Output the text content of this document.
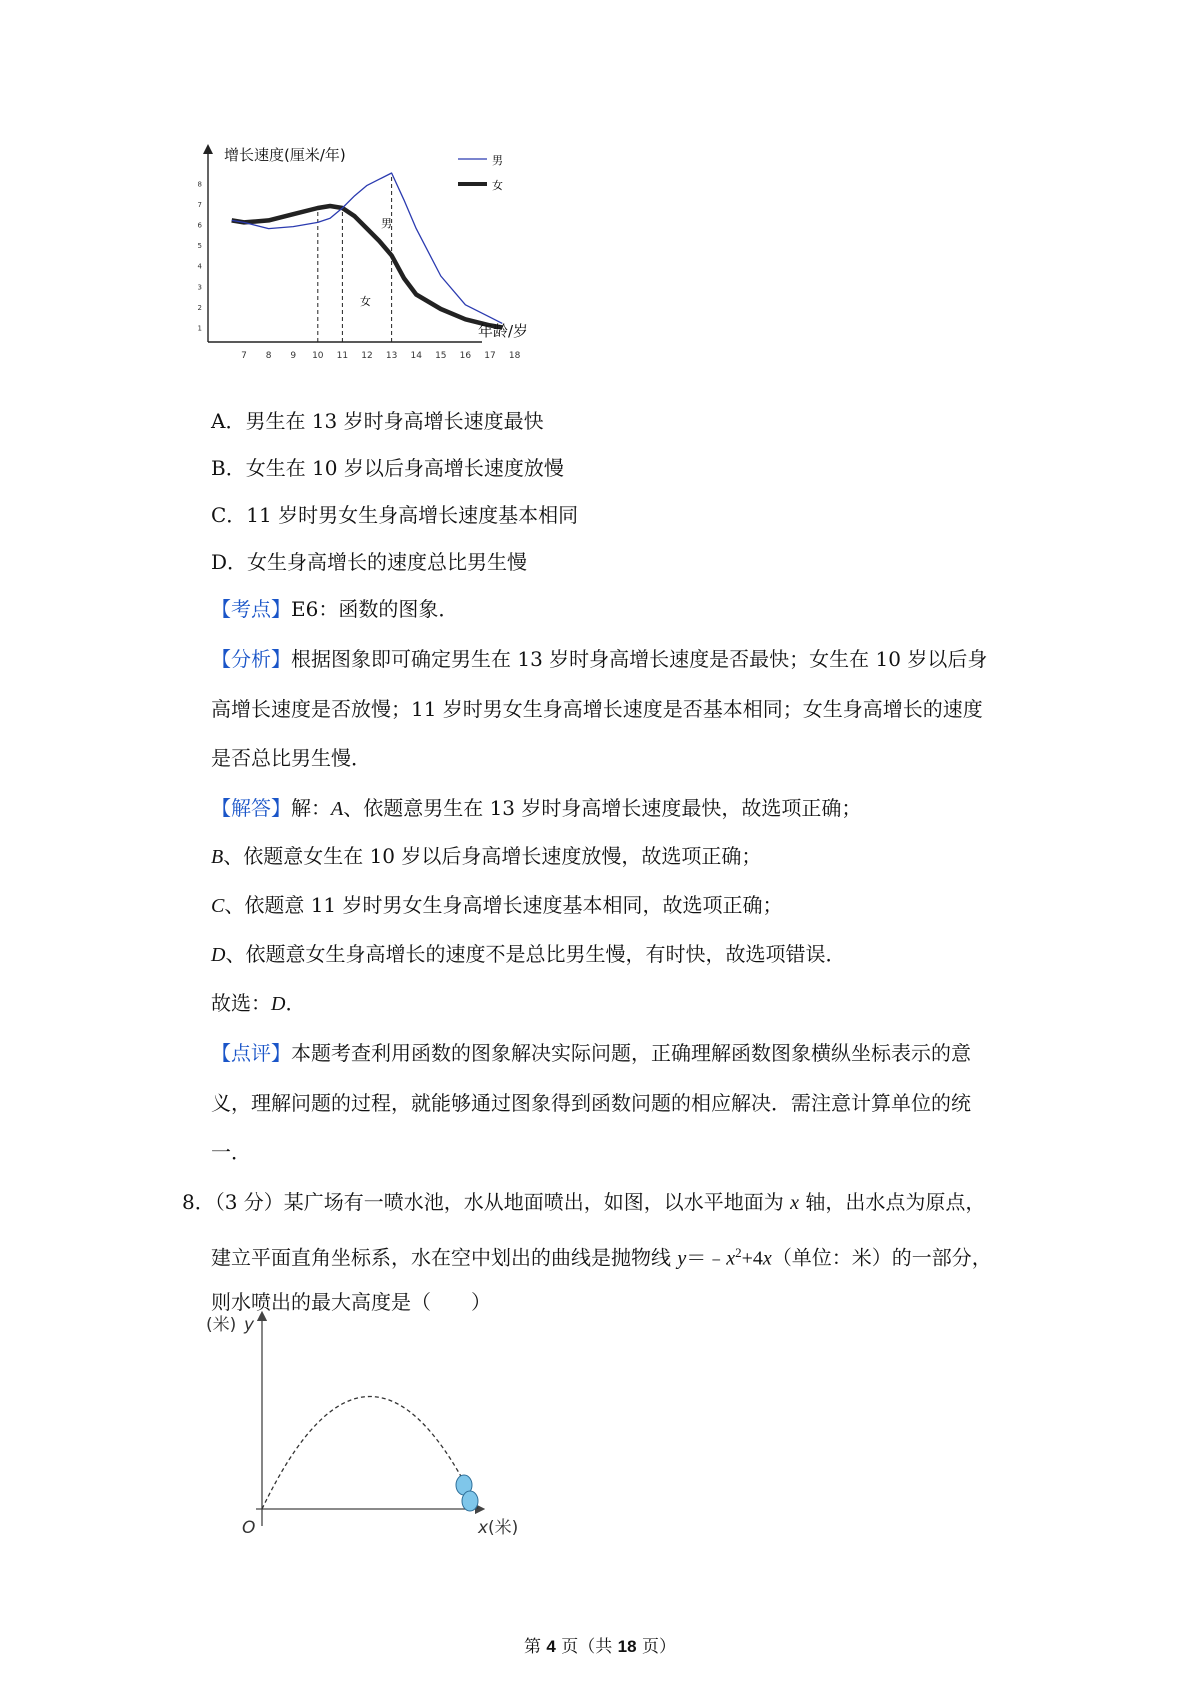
1
2
3
4
5
6
7
8
7 8 9 10 11 12 13 14 15 16 17 18
增长速度(厘米/年)
年龄/岁
男
女
男
女
A．男生在 13 岁时身高增长速度最快
B．女生在 10 岁以后身高增长速度放慢
C．11 岁时男女生身高增长速度基本相同
D．女生身高增长的速度总比男生慢
【考点】E6：函数的图象．
【分析】根据图象即可确定男生在 13 岁时身高增长速度是否最快；女生在 10 岁以后身
高增长速度是否放慢；11 岁时男女生身高增长速度是否基本相同；女生身高增长的速度
是否总比男生慢．
【解答】解：A、依题意男生在 13 岁时身高增长速度最快，故选项正确；
B、依题意女生在 10 岁以后身高增长速度放慢，故选项正确；
C、依题意 11 岁时男女生身高增长速度基本相同，故选项正确；
D、依题意女生身高增长的速度不是总比男生慢，有时快，故选项错误．
故选：D．
【点评】本题考查利用函数的图象解决实际问题，正确理解函数图象横纵坐标表示的意
义，理解问题的过程，就能够通过图象得到函数问题的相应解决．需注意计算单位的统
一．
8．（3 分）某广场有一喷水池，水从地面喷出，如图，以水平地面为 x 轴，出水点为原点，
建立平面直角坐标系，水在空中划出的曲线是抛物线 $y=﹣x^2+4x$（单位：米）的一部分，
则水喷出的最大高度是（　　）
(米) y
O	x (米)
第 4 页（共 18 页）
